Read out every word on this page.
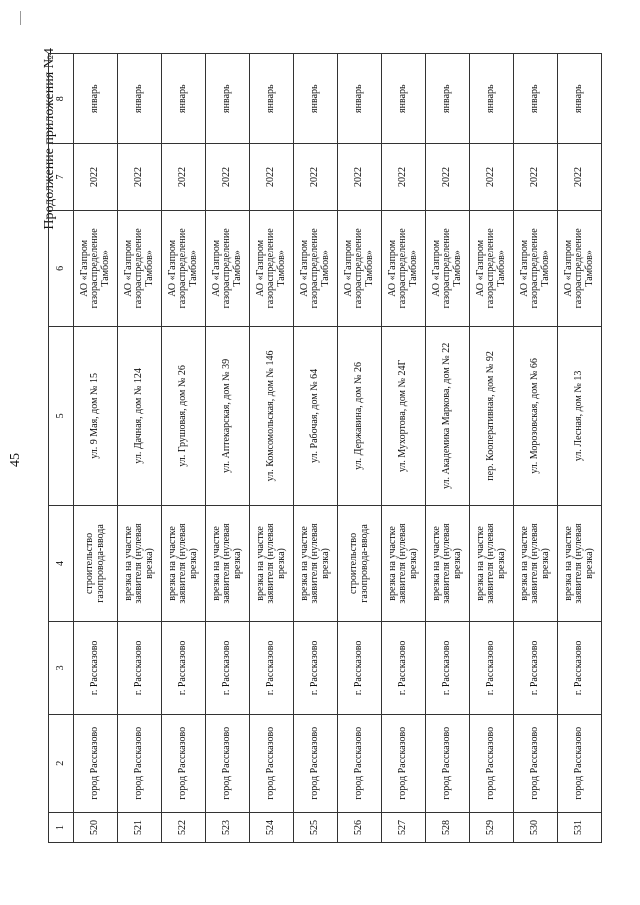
45
Продолжение приложения №4
1	2	3	4	5	6	7	8
520	город Рассказово	г. Рассказово	строительство газопровода-ввода	ул. 9 Мая, дом № 15	АО «Газпром газораспределение Тамбов»	2022	январь
521	город Рассказово	г. Рассказово	врезка на участке заявителя (нулевая врезка)	ул. Дачная, дом № 124	АО «Газпром газораспределение Тамбов»	2022	январь
522	город Рассказово	г. Рассказово	врезка на участке заявителя (нулевая врезка)	ул. Грушовая, дом № 26	АО «Газпром газораспределение Тамбов»	2022	январь
523	город Рассказово	г. Рассказово	врезка на участке заявителя (нулевая врезка)	ул. Аптекарская, дом № 39	АО «Газпром газораспределение Тамбов»	2022	январь
524	город Рассказово	г. Рассказово	врезка на участке заявителя (нулевая врезка)	ул. Комсомольская, дом № 146	АО «Газпром газораспределение Тамбов»	2022	январь
525	город Рассказово	г. Рассказово	врезка на участке заявителя (нулевая врезка)	ул. Рабочая, дом № 64	АО «Газпром газораспределение Тамбов»	2022	январь
526	город Рассказово	г. Рассказово	строительство газопровода-ввода	ул. Державина, дом № 26	АО «Газпром газораспределение Тамбов»	2022	январь
527	город Рассказово	г. Рассказово	врезка на участке заявителя (нулевая врезка)	ул. Мухортова, дом № 24Г	АО «Газпром газораспределение Тамбов»	2022	январь
528	город Рассказово	г. Рассказово	врезка на участке заявителя (нулевая врезка)	ул. Академика Маркова, дом № 22	АО «Газпром газораспределение Тамбов»	2022	январь
529	город Рассказово	г. Рассказово	врезка на участке заявителя (нулевая врезка)	пер. Кооперативная, дом № 92	АО «Газпром газораспределение Тамбов»	2022	январь
530	город Рассказово	г. Рассказово	врезка на участке заявителя (нулевая врезка)	ул. Морозовская, дом № 66	АО «Газпром газораспределение Тамбов»	2022	январь
531	город Рассказово	г. Рассказово	врезка на участке заявителя (нулевая врезка)	ул. Лесная, дом № 13	АО «Газпром газораспределение Тамбов»	2022	январь
